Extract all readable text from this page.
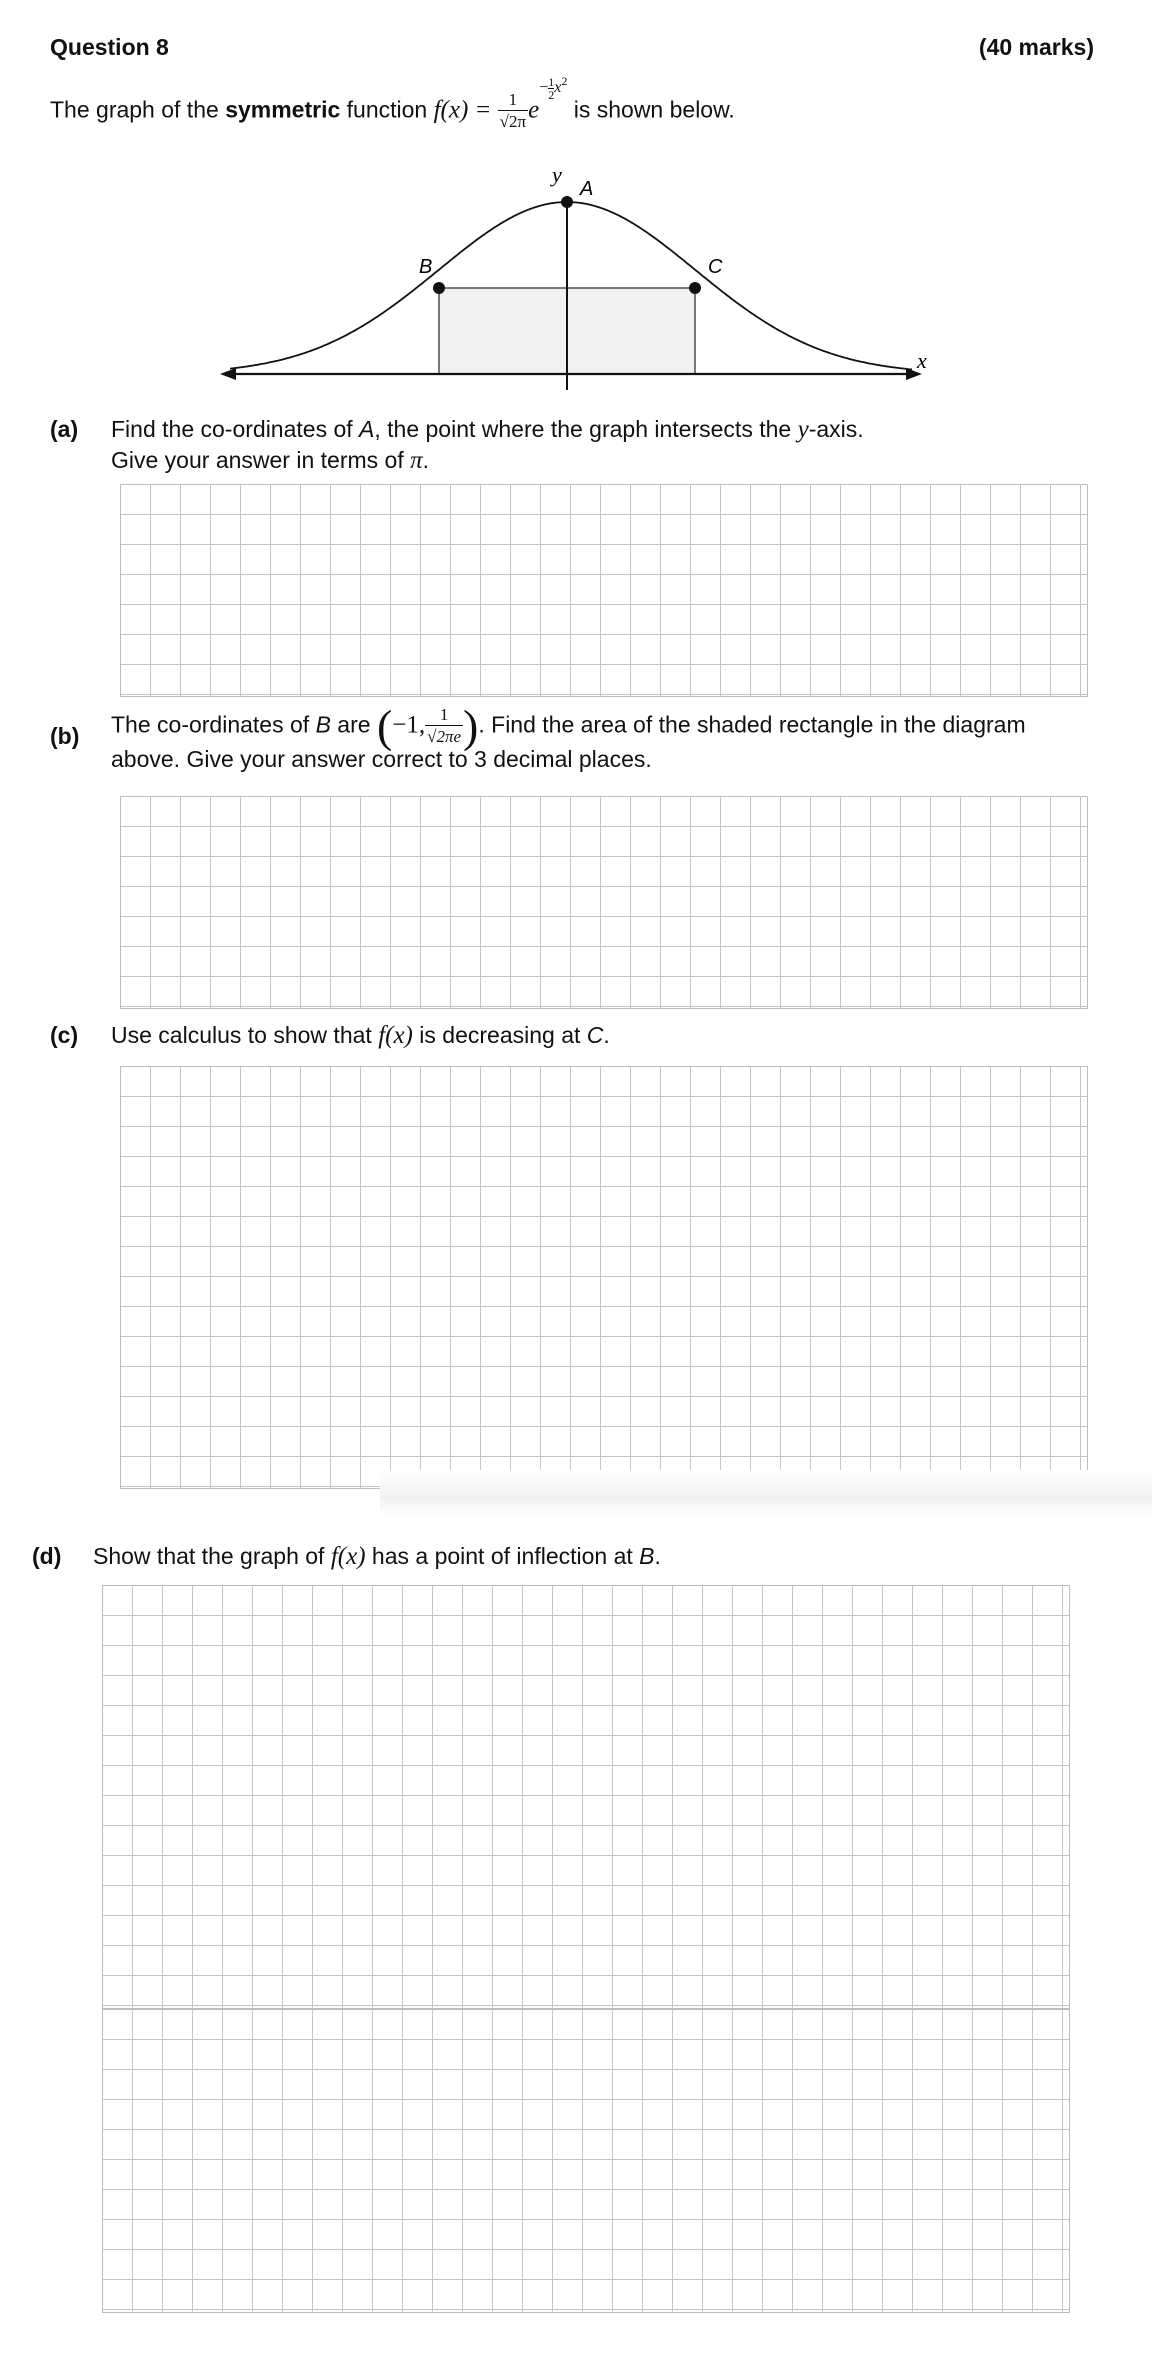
Question 8	(40 marks)
The graph of the symmetric function $f(x) = \frac{1}{√2\pi} e- \frac{1}{2} x^2$ is shown below.
y
A
B	C
x
(a) Find the co-ordinates of A, the point where the graph intersects the y-axis.
Give your answer in terms of π.
(b) The co-ordinates of B are (−1, $\frac{1}{√2\pi e}$ ). Find the area of the shaded rectangle in the diagram
above. Give your answer correct to 3 decimal places.
(c) Use calculus to show that f(x) is decreasing at C.
(d) Show that the graph of f(x) has a point of inflection at B.
